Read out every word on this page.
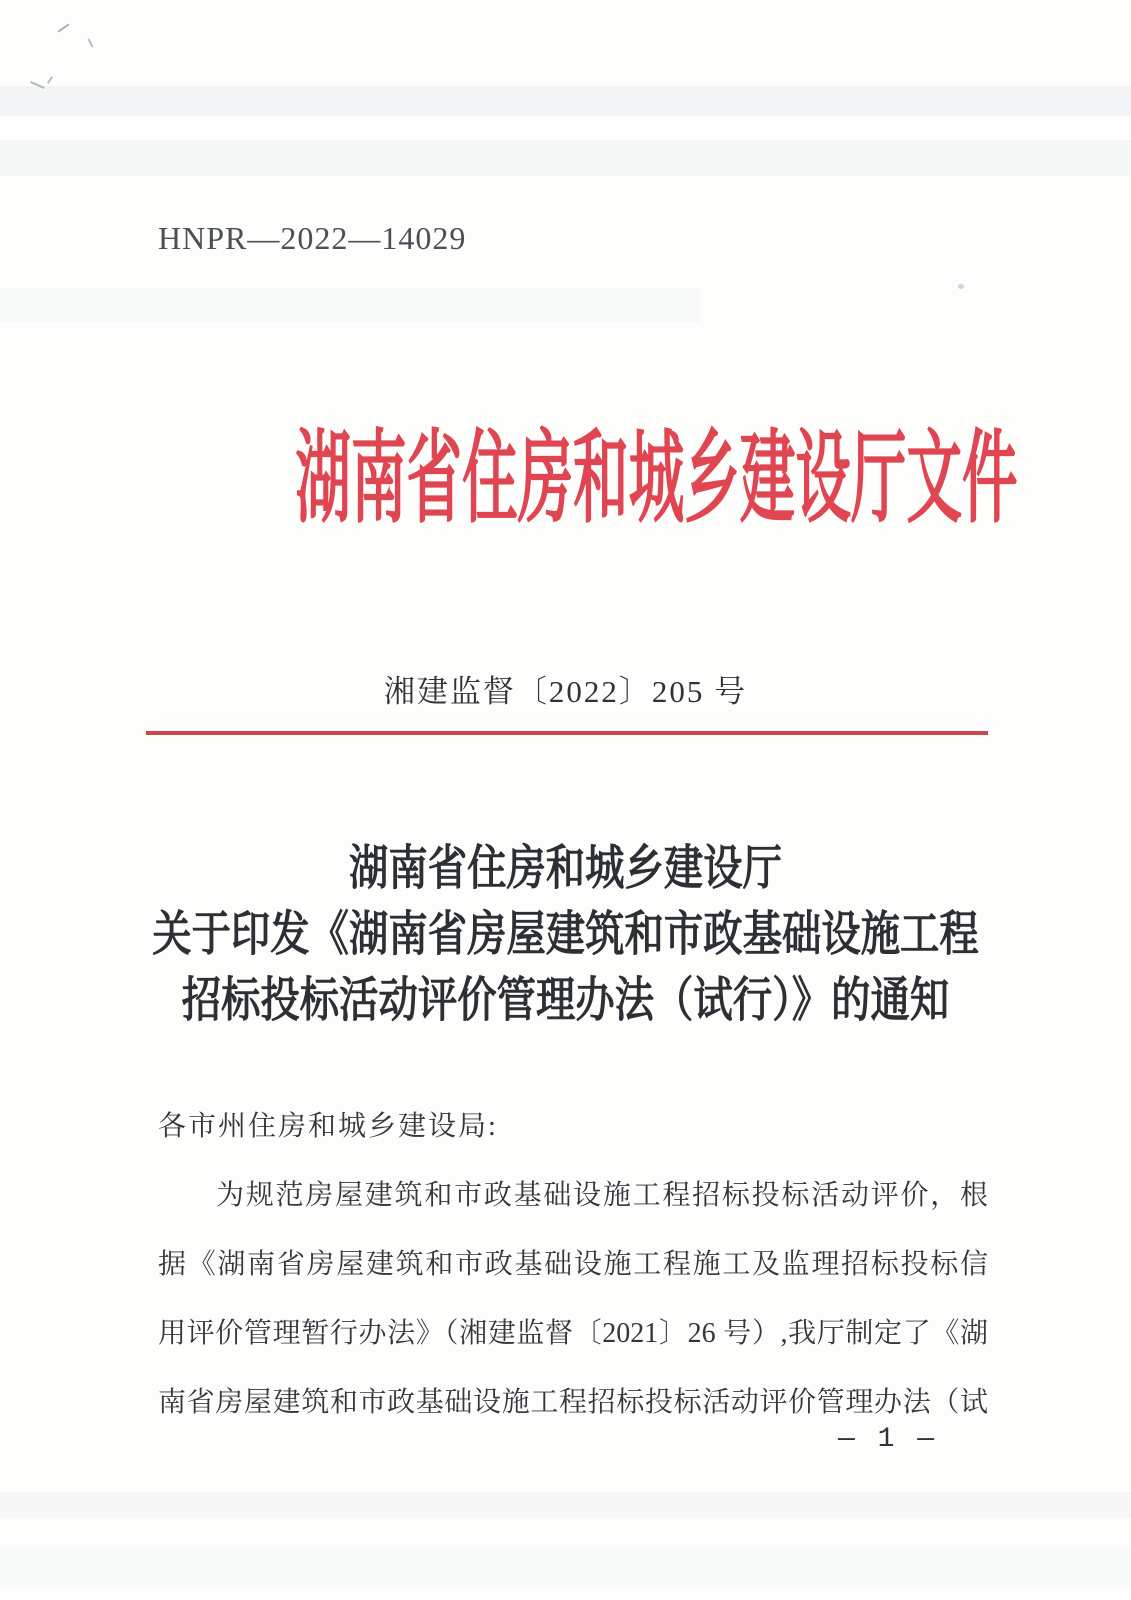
HNPR—2022—14029
湖南省住房和城乡建设厅文件
湘建监督〔2022〕205 号
湖南省住房和城乡建设厅
关于印发《湖南省房屋建筑和市政基础设施工程
招标投标活动评价管理办法（试行）》的通知
各市州住房和城乡建设局:
为规范房屋建筑和市政基础设施工程招标投标活动评价，根
据《湖南省房屋建筑和市政基础设施工程施工及监理招标投标信
用评价管理暂行办法》（湘建监督〔2021〕26 号）,我厅制定了《湖
南省房屋建筑和市政基础设施工程招标投标活动评价管理办法（试
— 1 —
